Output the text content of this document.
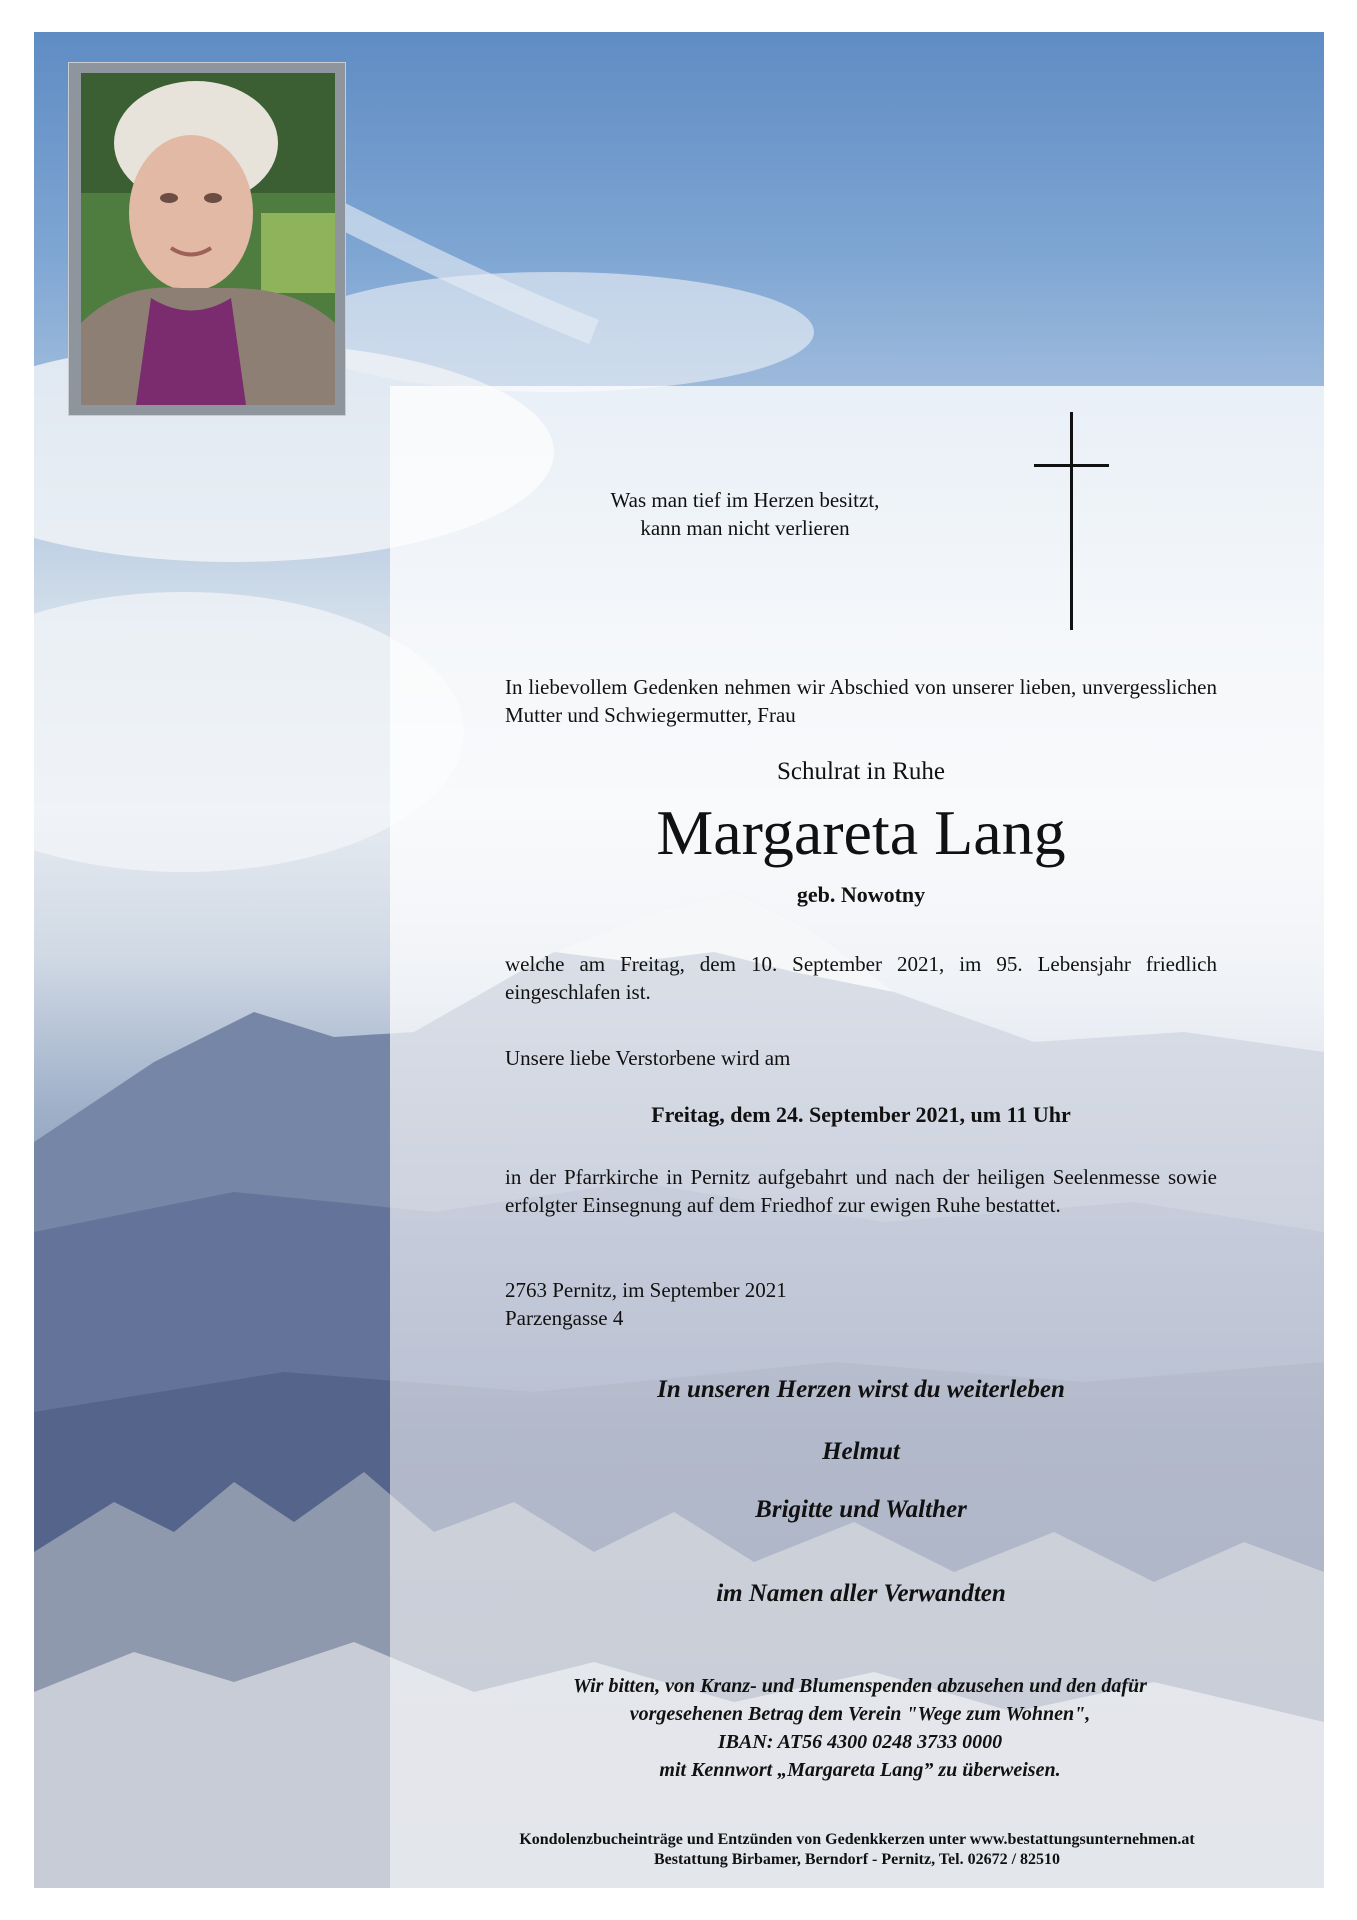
Was man tief im Herzen besitzt,
kann man nicht verlieren
In liebevollem Gedenken nehmen wir Abschied von unserer lieben, unvergesslichen Mutter und Schwiegermutter, Frau
Schulrat in Ruhe
Margareta Lang
geb. Nowotny
welche am Freitag, dem 10. September 2021, im 95. Lebensjahr friedlich eingeschlafen ist.
Unsere liebe Verstorbene wird am
Freitag, dem 24. September 2021, um 11 Uhr
in der Pfarrkirche in Pernitz aufgebahrt und nach der heiligen Seelenmesse sowie erfolgter Einsegnung auf dem Friedhof zur ewigen Ruhe bestattet.
2763 Pernitz, im September 2021
Parzengasse 4
In unseren Herzen wirst du weiterleben
Helmut
Brigitte und Walther
im Namen aller Verwandten
Wir bitten, von Kranz- und Blumenspenden abzusehen und den dafür
vorgesehenen Betrag dem Verein "Wege zum Wohnen",
IBAN: AT56 4300 0248 3733 0000
mit Kennwort „Margareta Lang” zu überweisen.
Kondolenzbucheinträge und Entzünden von Gedenkkerzen unter www.bestattungsunternehmen.at
Bestattung Birbamer, Berndorf - Pernitz, Tel. 02672 / 82510
